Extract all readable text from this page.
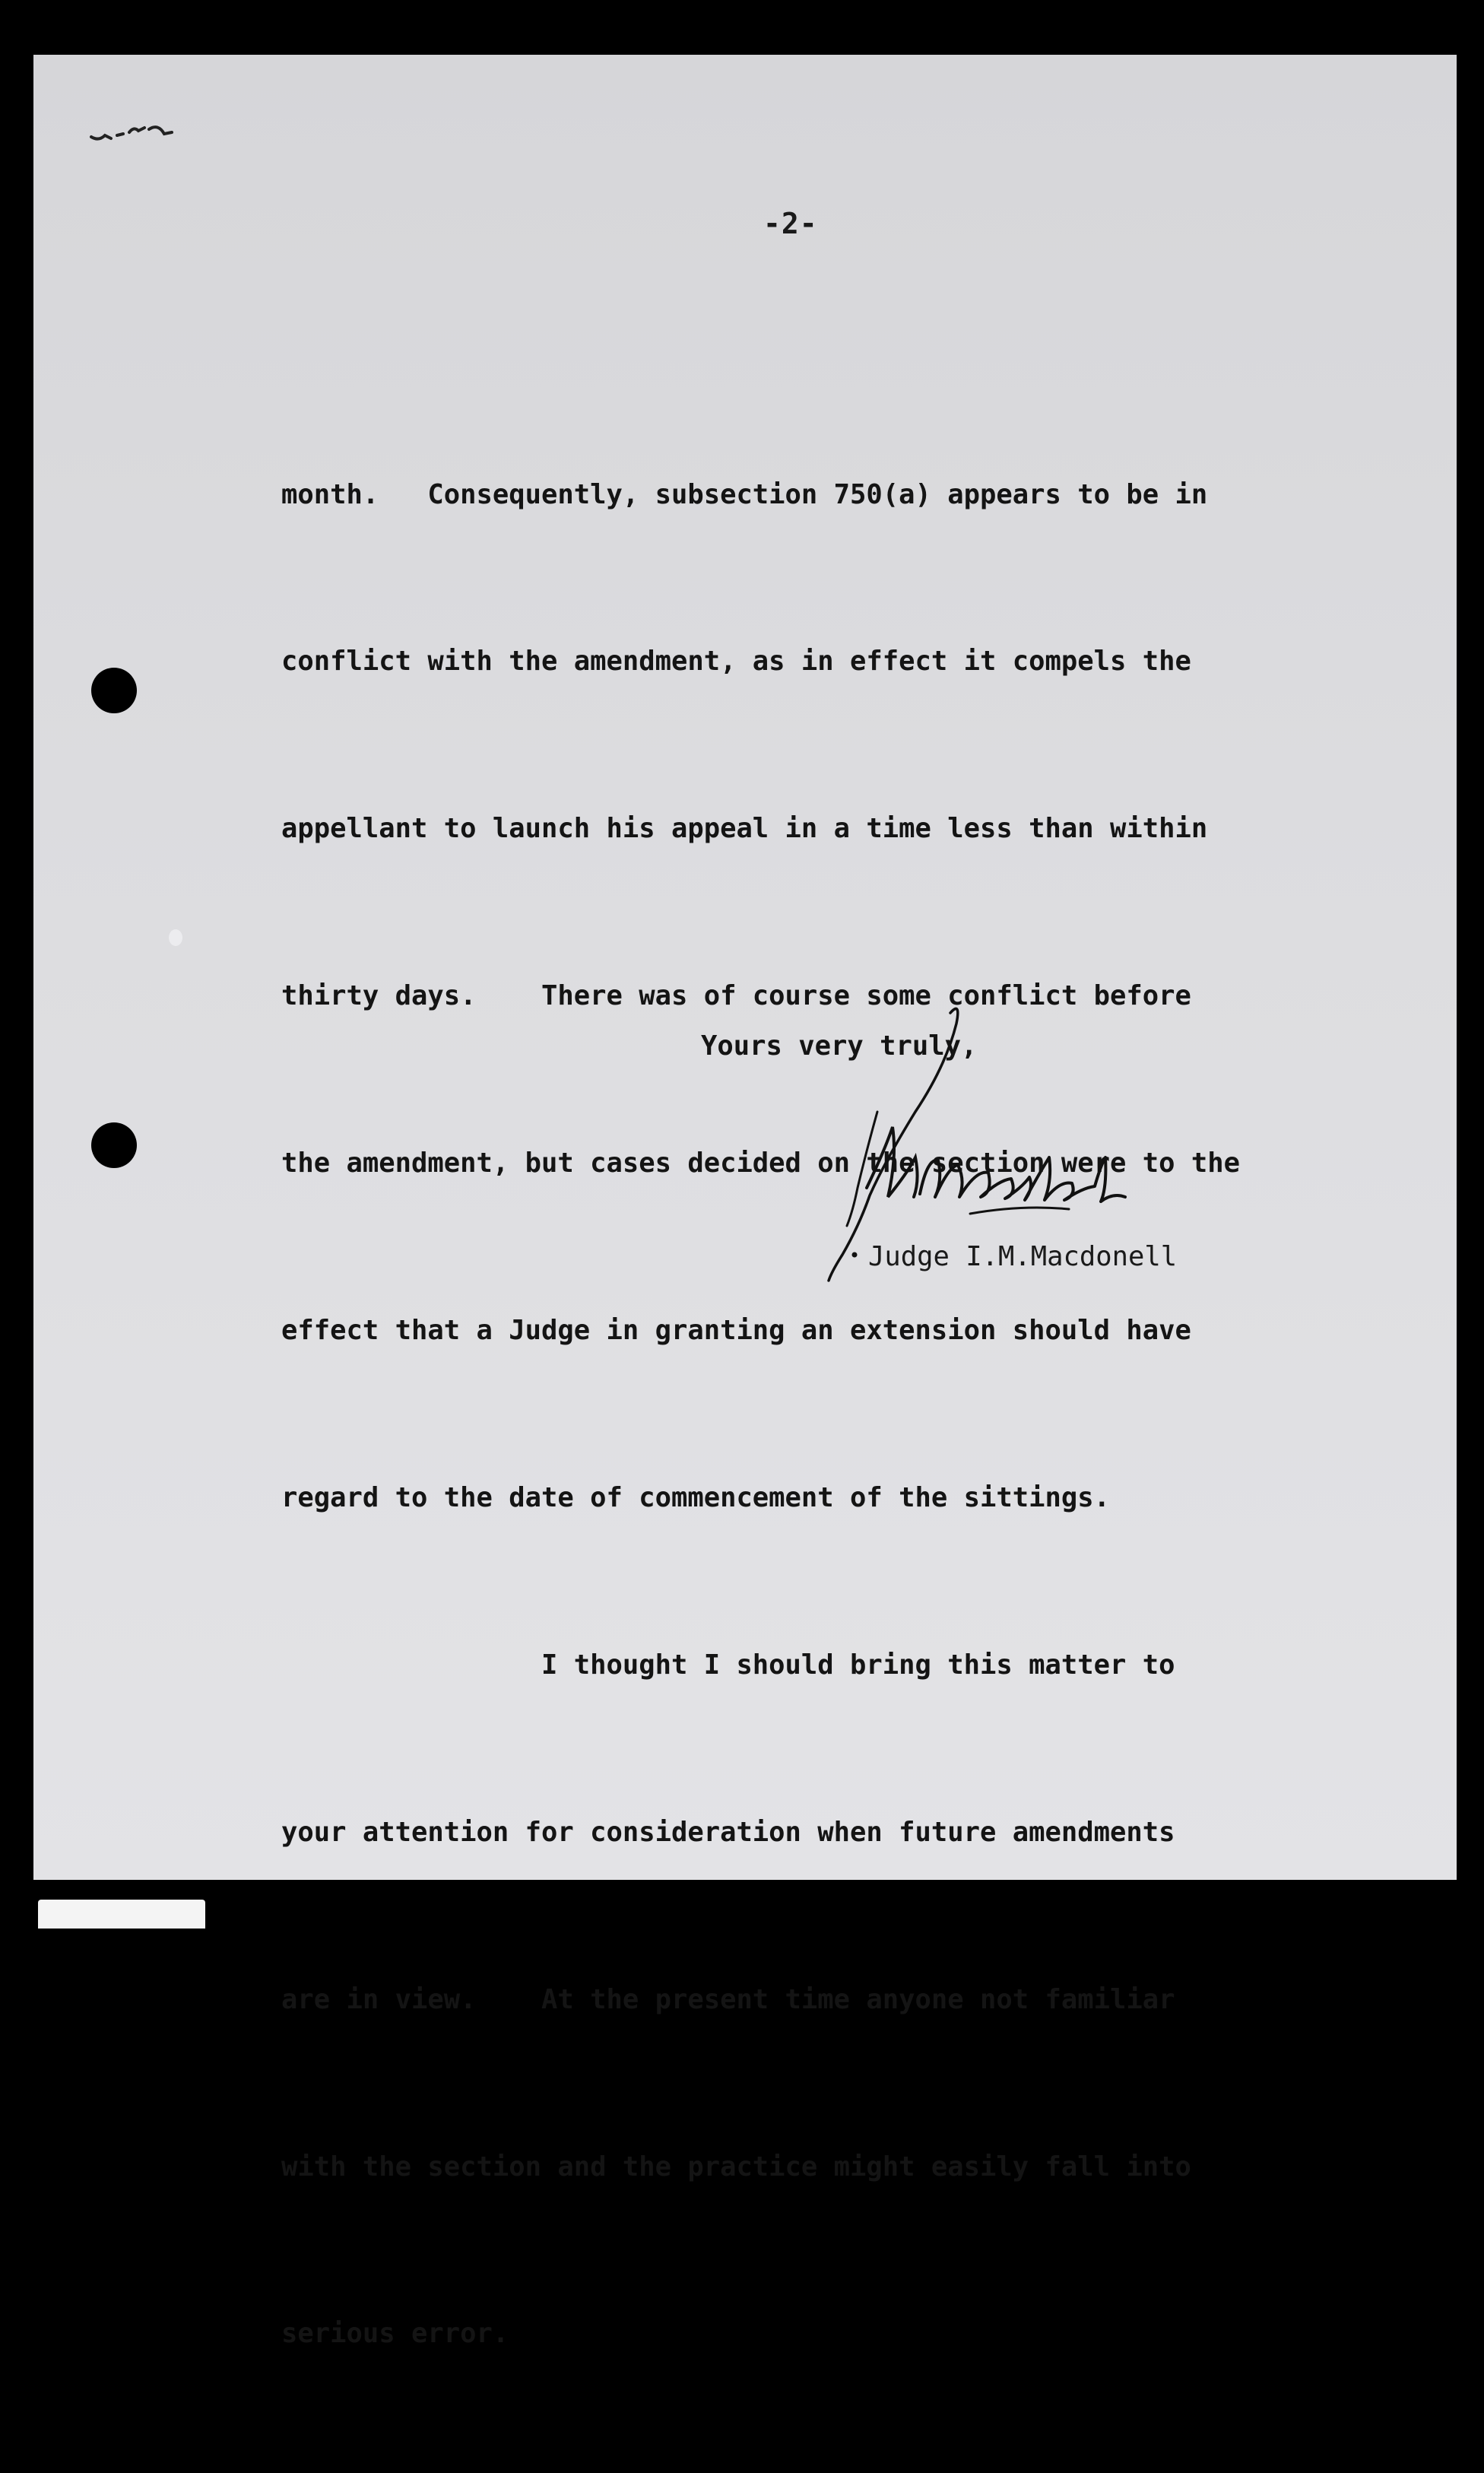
-2-

month.   Consequently, subsection 750(a) appears to be in

conflict with the amendment, as in effect it compels the

appellant to launch his appeal in a time less than within

thirty days.    There was of course some conflict before

the amendment, but cases decided on the section were to the

effect that a Judge in granting an extension should have

regard to the date of commencement of the sittings.

I thought I should bring this matter to

your attention for consideration when future amendments

are in view.    At the present time anyone not familiar

with the section and the practice might easily fall into

serious error.

Yours very truly,
Judge I.M.Macdonell
